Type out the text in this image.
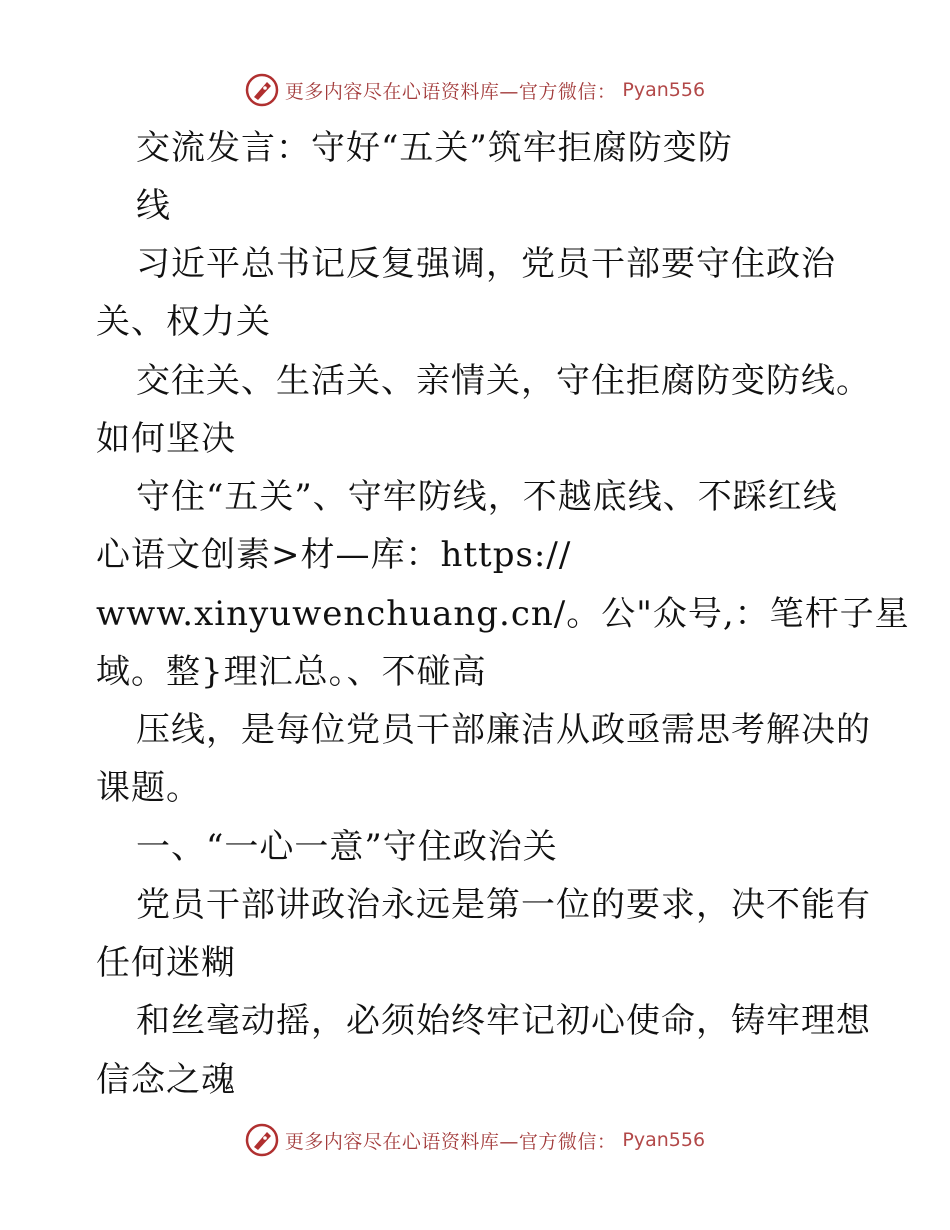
更多内容尽在心语资料库—官方微信： Pyan556
交流发言：守好“五关”筑牢拒腐防变防
线
习近平总书记反复强调，党员干部要守住政治
关、权力关
交往关、生活关、亲情关，守住拒腐防变防线。
如何坚决
守住“五关”、守牢防线，不越底线、不踩红线
心语文创素>材—库：https://
www.xinyuwenchuang.cn/。公"众号,：笔杆子星
域。整}理汇总。、不碰高
压线，是每位党员干部廉洁从政亟需思考解决的
课题。
一、“一心一意”守住政治关
党员干部讲政治永远是第一位的要求，决不能有
任何迷糊
和丝毫动摇，必须始终牢记初心使命，铸牢理想
信念之魂
更多内容尽在心语资料库—官方微信： Pyan556
